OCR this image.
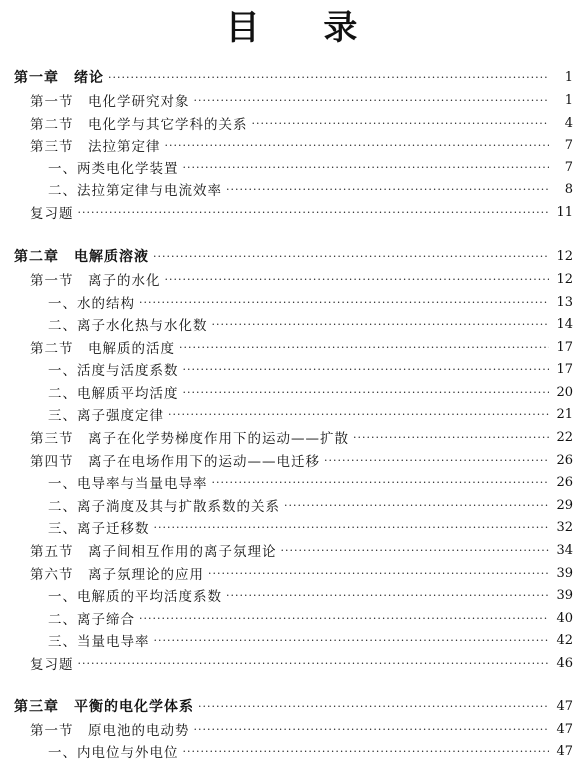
目 录
第一章　绪论 ·····	1
第一节　电化学研究对象 ·····	1
第二节　电化学与其它学科的关系 ·····	4
第三节　法拉第定律 ·····	7
一、两类电化学装置 ·····	7
二、法拉第定律与电流效率 ·····	8
复习题 ·····	11
第二章　电解质溶液 ·····	12
第一节　离子的水化 ·····	12
一、水的结构 ·····	13
二、离子水化热与水化数 ·····	14
第二节　电解质的活度 ·····	17
一、活度与活度系数 ·····	17
二、电解质平均活度 ·····	20
三、离子强度定律 ·····	21
第三节　离子在化学势梯度作用下的运动——扩散 ·····	22
第四节　离子在电场作用下的运动——电迁移 ·····	26
一、电导率与当量电导率 ·····	26
二、离子淌度及其与扩散系数的关系 ·····	29
三、离子迁移数 ·····	32
第五节　离子间相互作用的离子氛理论 ·····	34
第六节　离子氛理论的应用 ·····	39
一、电解质的平均活度系数 ·····	39
二、离子缔合 ·····	40
三、当量电导率 ·····	42
复习题 ·····	46
第三章　平衡的电化学体系 ·····	47
第一节　原电池的电动势 ·····	47
一、内电位与外电位 ·····	47
